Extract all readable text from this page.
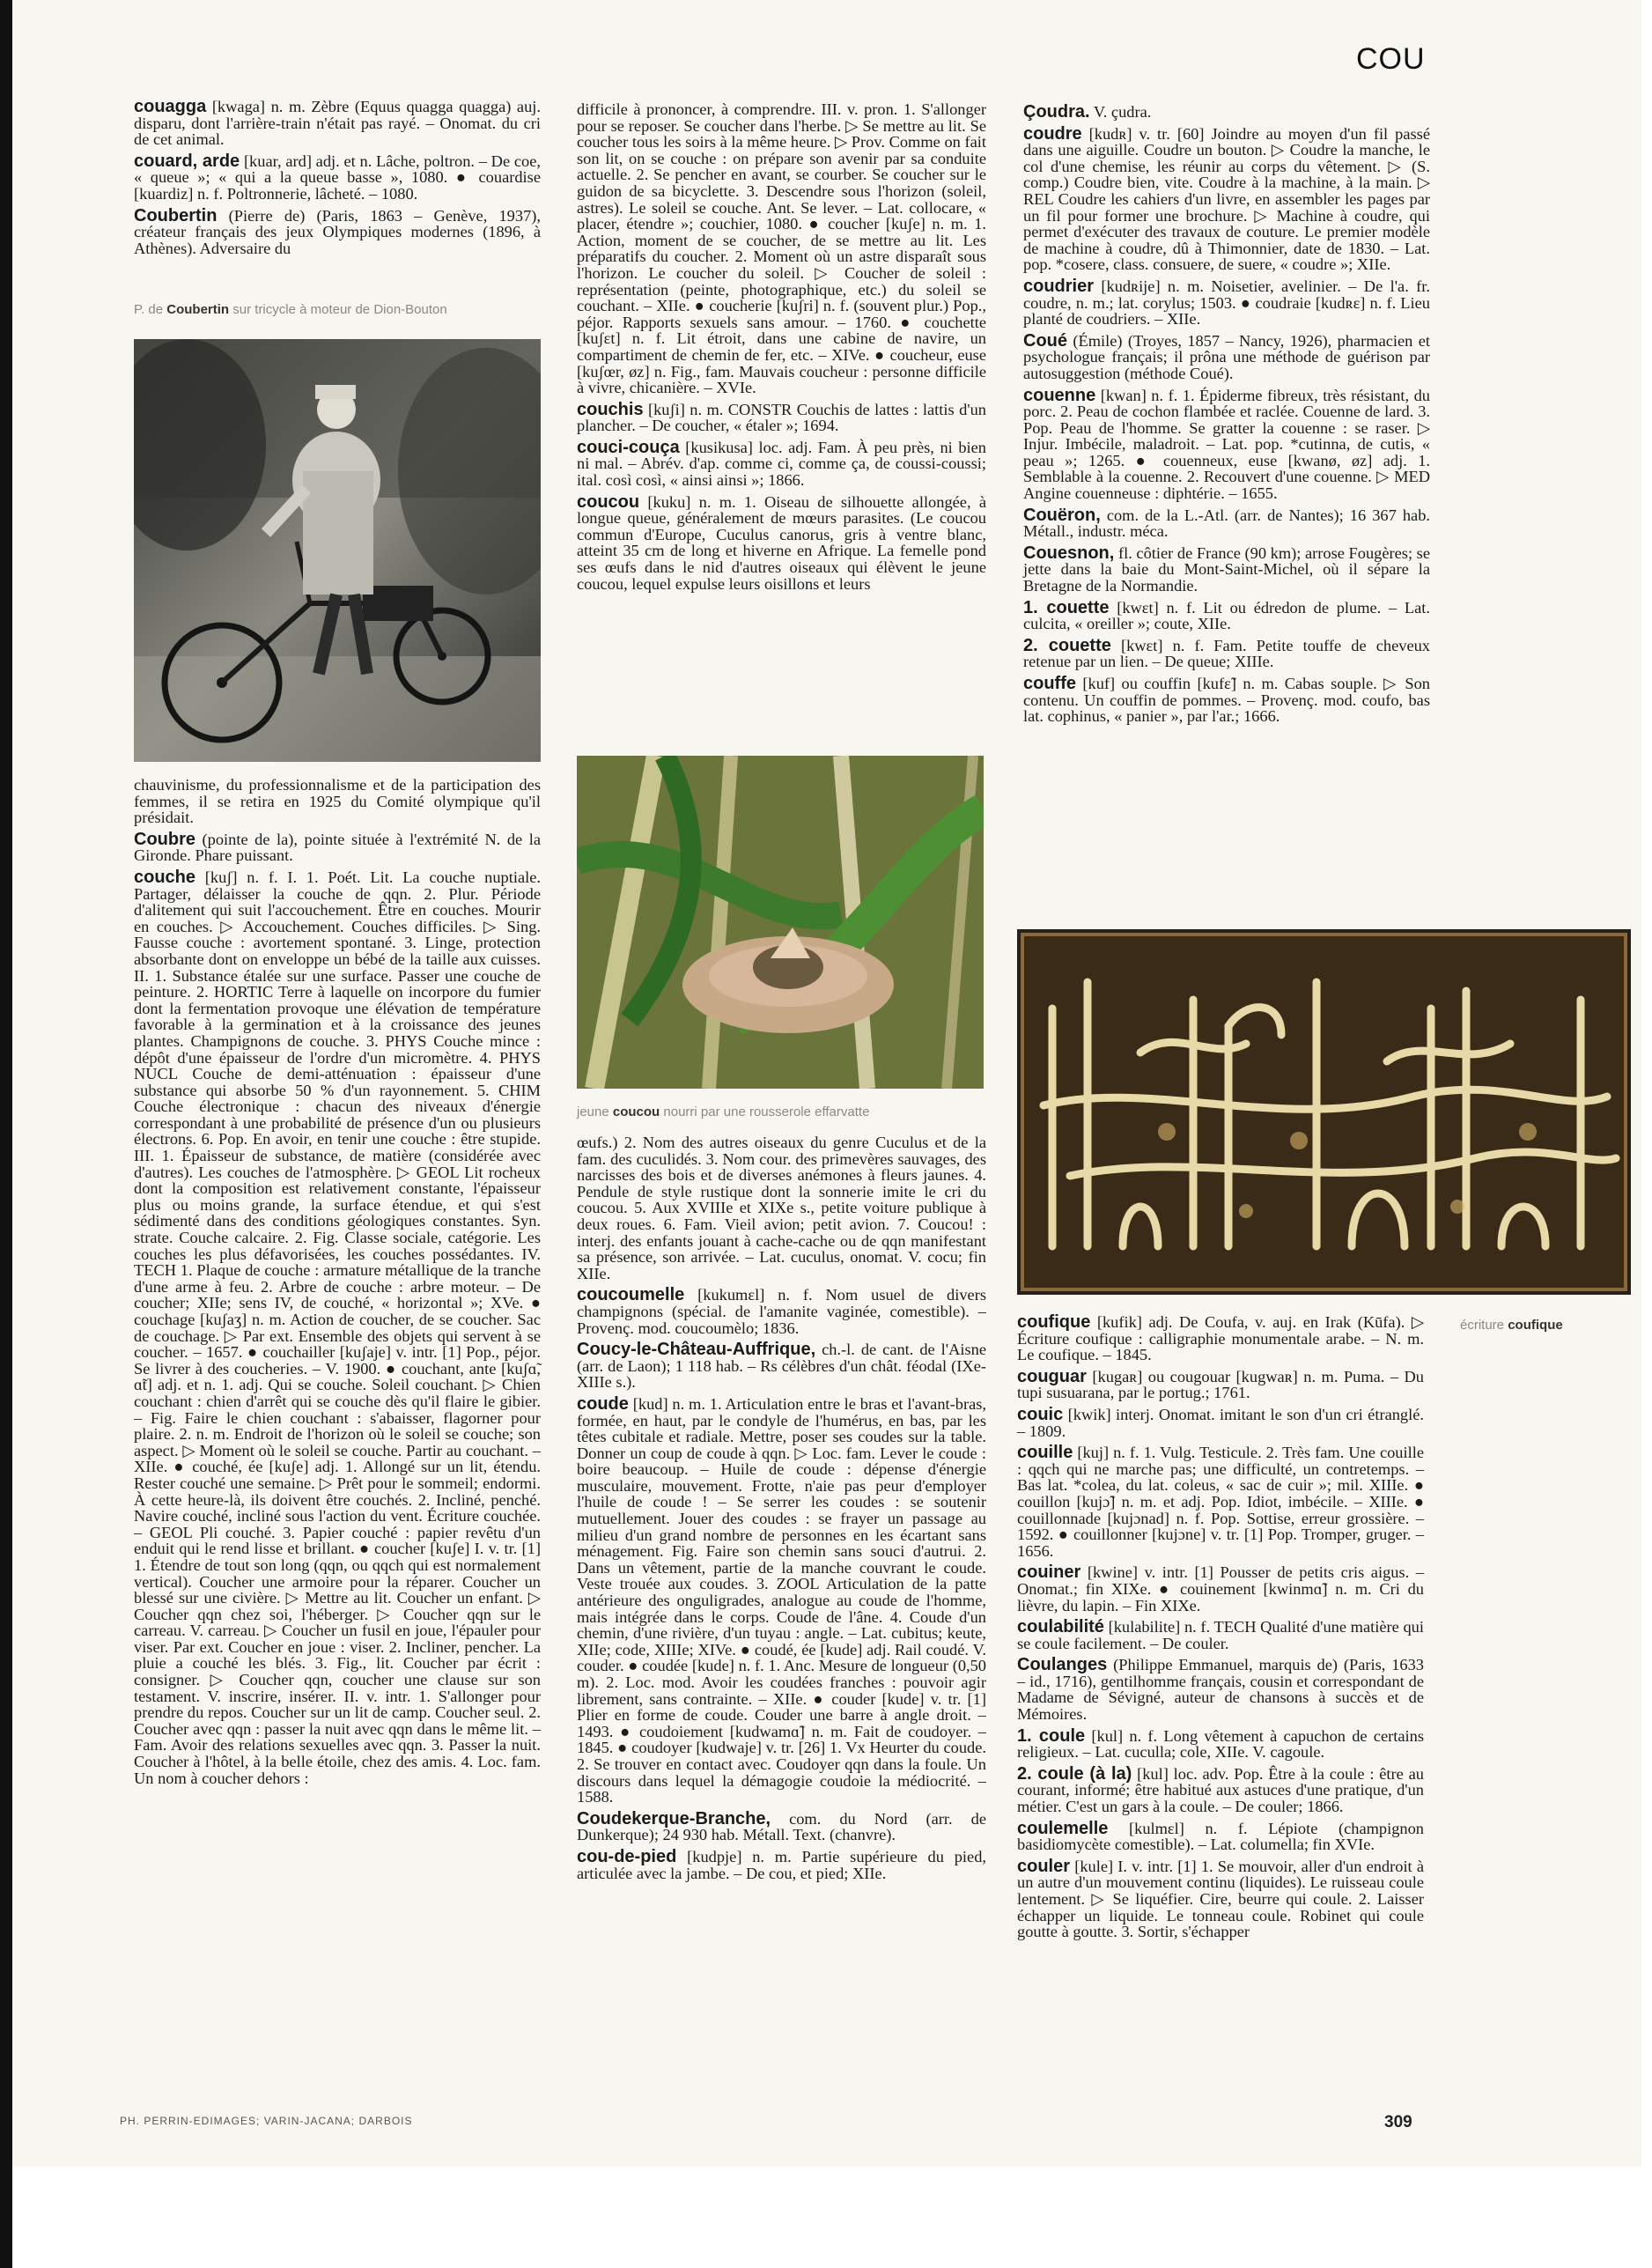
COU

couagga [kwaga] n. m. Zèbre (Equus quagga quagga) auj. disparu, dont l'arrière-train n'était pas rayé. – Onomat. du cri de cet animal.

couard, arde [kuar, ard] adj. et n. Lâche, poltron. – De coe, « queue »; « qui a la queue basse », 1080. ● couardise [kuardiz] n. f. Poltronnerie, lâcheté. – 1080.

Coubertin (Pierre de) (Paris, 1863 – Genève, 1937), créateur français des jeux Olympiques modernes (1896, à Athènes). Adversaire du

P. de Coubertin sur tricycle à moteur de Dion-Bouton

chauvinisme, du professionnalisme et de la participation des femmes, il se retira en 1925 du Comité olympique qu'il présidait.

Coubre (pointe de la), pointe située à l'extrémité N. de la Gironde. Phare puissant.

couche [kuʃ] n. f. I. 1. Poét. Lit. La couche nuptiale. Partager, délaisser la couche de qqn. 2. Plur. Période d'alitement qui suit l'accouchement. Être en couches. Mourir en couches. ▷ Accouchement. Couches difficiles. ▷ Sing. Fausse couche : avortement spontané. 3. Linge, protection absorbante dont on enveloppe un bébé de la taille aux cuisses. II. 1. Substance étalée sur une surface. Passer une couche de peinture. 2. HORTIC Terre à laquelle on incorpore du fumier dont la fermentation provoque une élévation de température favorable à la germination et à la croissance des jeunes plantes. Champignons de couche. 3. PHYS Couche mince : dépôt d'une épaisseur de l'ordre d'un micromètre. 4. PHYS NUCL Couche de demi-atténuation : épaisseur d'une substance qui absorbe 50 % d'un rayonnement. 5. CHIM Couche électronique : chacun des niveaux d'énergie correspondant à une probabilité de présence d'un ou plusieurs électrons. 6. Pop. En avoir, en tenir une couche : être stupide. III. 1. Épaisseur de substance, de matière (considérée avec d'autres). Les couches de l'atmosphère. ▷ GEOL Lit rocheux dont la composition est relativement constante, l'épaisseur plus ou moins grande, la surface étendue, et qui s'est sédimenté dans des conditions géologiques constantes. Syn. strate. Couche calcaire. 2. Fig. Classe sociale, catégorie. Les couches les plus défavorisées, les couches possédantes. IV. TECH 1. Plaque de couche : armature métallique de la tranche d'une arme à feu. 2. Arbre de couche : arbre moteur. – De coucher; XIIe; sens IV, de couché, « horizontal »; XVe. ● couchage [kuʃaʒ] n. m. Action de coucher, de se coucher. Sac de couchage. ▷ Par ext. Ensemble des objets qui servent à se coucher. – 1657. ● couchailler [kuʃaje] v. intr. [1] Pop., péjor. Se livrer à des coucheries. – V. 1900. ● couchant, ante [kuʃɑ̃, ɑ̃t] adj. et n. 1. adj. Qui se couche. Soleil couchant. ▷ Chien couchant : chien d'arrêt qui se couche dès qu'il flaire le gibier. – Fig. Faire le chien couchant : s'abaisser, flagorner pour plaire. 2. n. m. Endroit de l'horizon où le soleil se couche; son aspect. ▷ Moment où le soleil se couche. Partir au couchant. – XIIe. ● couché, ée [kuʃe] adj. 1. Allongé sur un lit, étendu. Rester couché une semaine. ▷ Prêt pour le sommeil; endormi. À cette heure-là, ils doivent être couchés. 2. Incliné, penché. Navire couché, incliné sous l'action du vent. Écriture couchée. – GEOL Pli couché. 3. Papier couché : papier revêtu d'un enduit qui le rend lisse et brillant. ● coucher [kuʃe] I. v. tr. [1] 1. Étendre de tout son long (qqn, ou qqch qui est normalement vertical). Coucher une armoire pour la réparer. Coucher un blessé sur une civière. ▷ Mettre au lit. Coucher un enfant. ▷ Coucher qqn chez soi, l'héberger. ▷ Coucher qqn sur le carreau. V. carreau. ▷ Coucher un fusil en joue, l'épauler pour viser. Par ext. Coucher en joue : viser. 2. Incliner, pencher. La pluie a couché les blés. 3. Fig., lit. Coucher par écrit : consigner. ▷ Coucher qqn, coucher une clause sur son testament. V. inscrire, insérer. II. v. intr. 1. S'allonger pour prendre du repos. Coucher sur un lit de camp. Coucher seul. 2. Coucher avec qqn : passer la nuit avec qqn dans le même lit. – Fam. Avoir des relations sexuelles avec qqn. 3. Passer la nuit. Coucher à l'hôtel, à la belle étoile, chez des amis. 4. Loc. fam. Un nom à coucher dehors :

difficile à prononcer, à comprendre. III. v. pron. 1. S'allonger pour se reposer. Se coucher dans l'herbe. ▷ Se mettre au lit. Se coucher tous les soirs à la même heure. ▷ Prov. Comme on fait son lit, on se couche : on prépare son avenir par sa conduite actuelle. 2. Se pencher en avant, se courber. Se coucher sur le guidon de sa bicyclette. 3. Descendre sous l'horizon (soleil, astres). Le soleil se couche. Ant. Se lever. – Lat. collocare, « placer, étendre »; couchier, 1080. ● coucher [kuʃe] n. m. 1. Action, moment de se coucher, de se mettre au lit. Les préparatifs du coucher. 2. Moment où un astre disparaît sous l'horizon. Le coucher du soleil. ▷ Coucher de soleil : représentation (peinte, photographique, etc.) du soleil se couchant. – XIIe. ● coucherie [kuʃri] n. f. (souvent plur.) Pop., péjor. Rapports sexuels sans amour. – 1760. ● couchette [kuʃɛt] n. f. Lit étroit, dans une cabine de navire, un compartiment de chemin de fer, etc. – XIVe. ● coucheur, euse [kuʃœr, øz] n. Fig., fam. Mauvais coucheur : personne difficile à vivre, chicanière. – XVIe.

couchis [kuʃi] n. m. CONSTR Couchis de lattes : lattis d'un plancher. – De coucher, « étaler »; 1694.

couci-couça [kusikusa] loc. adj. Fam. À peu près, ni bien ni mal. – Abrév. d'ap. comme ci, comme ça, de coussi-coussi; ital. così così, « ainsi ainsi »; 1866.

coucou [kuku] n. m. 1. Oiseau de silhouette allongée, à longue queue, généralement de mœurs parasites. (Le coucou commun d'Europe, Cuculus canorus, gris à ventre blanc, atteint 35 cm de long et hiverne en Afrique. La femelle pond ses œufs dans le nid d'autres oiseaux qui élèvent le jeune coucou, lequel expulse leurs oisillons et leurs

jeune coucou nourri par une rousserole effarvatte

œufs.) 2. Nom des autres oiseaux du genre Cuculus et de la fam. des cuculidés. 3. Nom cour. des primevères sauvages, des narcisses des bois et de diverses anémones à fleurs jaunes. 4. Pendule de style rustique dont la sonnerie imite le cri du coucou. 5. Aux XVIIIe et XIXe s., petite voiture publique à deux roues. 6. Fam. Vieil avion; petit avion. 7. Coucou! : interj. des enfants jouant à cache-cache ou de qqn manifestant sa présence, son arrivée. – Lat. cuculus, onomat. V. cocu; fin XIIe.

coucoumelle [kukumɛl] n. f. Nom usuel de divers champignons (spécial. de l'amanite vaginée, comestible). – Provenç. mod. coucoumèlo; 1836.

Coucy-le-Château-Auffrique, ch.-l. de cant. de l'Aisne (arr. de Laon); 1 118 hab. – Rs célèbres d'un chât. féodal (IXe-XIIIe s.).

coude [kud] n. m. 1. Articulation entre le bras et l'avant-bras, formée, en haut, par le condyle de l'humérus, en bas, par les têtes cubitale et radiale. Mettre, poser ses coudes sur la table. Donner un coup de coude à qqn. ▷ Loc. fam. Lever le coude : boire beaucoup. – Huile de coude : dépense d'énergie musculaire, mouvement. Frotte, n'aie pas peur d'employer l'huile de coude ! – Se serrer les coudes : se soutenir mutuellement. Jouer des coudes : se frayer un passage au milieu d'un grand nombre de personnes en les écartant sans ménagement. Fig. Faire son chemin sans souci d'autrui. 2. Dans un vêtement, partie de la manche couvrant le coude. Veste trouée aux coudes. 3. ZOOL Articulation de la patte antérieure des onguligrades, analogue au coude de l'homme, mais intégrée dans le corps. Coude de l'âne. 4. Coude d'un chemin, d'une rivière, d'un tuyau : angle. – Lat. cubitus; keute, XIIe; code, XIIIe; XIVe. ● coudé, ée [kude] adj. Rail coudé. V. couder. ● coudée [kude] n. f. 1. Anc. Mesure de longueur (0,50 m). 2. Loc. mod. Avoir les coudées franches : pouvoir agir librement, sans contrainte. – XIIe. ● couder [kude] v. tr. [1] Plier en forme de coude. Couder une barre à angle droit. – 1493. ● coudoiement [kudwamɑ̃] n. m. Fait de coudoyer. – 1845. ● coudoyer [kudwaje] v. tr. [26] 1. Vx Heurter du coude. 2. Se trouver en contact avec. Coudoyer qqn dans la foule. Un discours dans lequel la démagogie coudoie la médiocrité. – 1588.

Coudekerque-Branche, com. du Nord (arr. de Dunkerque); 24 930 hab. Métall. Text. (chanvre).

cou-de-pied [kudpje] n. m. Partie supérieure du pied, articulée avec la jambe. – De cou, et pied; XIIe.

Çoudra. V. çudra.

coudre [kudʀ] v. tr. [60] Joindre au moyen d'un fil passé dans une aiguille. Coudre un bouton. ▷ Coudre la manche, le col d'une chemise, les réunir au corps du vêtement. ▷ (S. comp.) Coudre bien, vite. Coudre à la machine, à la main. ▷ REL Coudre les cahiers d'un livre, en assembler les pages par un fil pour former une brochure. ▷ Machine à coudre, qui permet d'exécuter des travaux de couture. Le premier modèle de machine à coudre, dû à Thimonnier, date de 1830. – Lat. pop. *cosere, class. consuere, de suere, « coudre »; XIIe.

coudrier [kudʀije] n. m. Noisetier, avelinier. – De l'a. fr. coudre, n. m.; lat. corylus; 1503. ● coudraie [kudʀɛ] n. f. Lieu planté de coudriers. – XIIe.

Coué (Émile) (Troyes, 1857 – Nancy, 1926), pharmacien et psychologue français; il prôna une méthode de guérison par autosuggestion (méthode Coué).

couenne [kwan] n. f. 1. Épiderme fibreux, très résistant, du porc. 2. Peau de cochon flambée et raclée. Couenne de lard. 3. Pop. Peau de l'homme. Se gratter la couenne : se raser. ▷ Injur. Imbécile, maladroit. – Lat. pop. *cutinna, de cutis, « peau »; 1265. ● couenneux, euse [kwanø, øz] adj. 1. Semblable à la couenne. 2. Recouvert d'une couenne. ▷ MED Angine couenneuse : diphtérie. – 1655.

Couëron, com. de la L.-Atl. (arr. de Nantes); 16 367 hab. Métall., industr. méca.

Couesnon, fl. côtier de France (90 km); arrose Fougères; se jette dans la baie du Mont-Saint-Michel, où il sépare la Bretagne de la Normandie.

1. couette [kwɛt] n. f. Lit ou édredon de plume. – Lat. culcita, « oreiller »; coute, XIIe.

2. couette [kwɛt] n. f. Fam. Petite touffe de cheveux retenue par un lien. – De queue; XIIIe.

couffe [kuf] ou couffin [kufɛ̃] n. m. Cabas souple. ▷ Son contenu. Un couffin de pommes. – Provenç. mod. coufo, bas lat. cophinus, « panier », par l'ar.; 1666.

écriture coufique

coufique [kufik] adj. De Coufa, v. auj. en Irak (Kūfa). ▷ Écriture coufique : calligraphie monumentale arabe. – N. m. Le coufique. – 1845.

couguar [kugaʀ] ou cougouar [kugwaʀ] n. m. Puma. – Du tupi susuarana, par le portug.; 1761.

couic [kwik] interj. Onomat. imitant le son d'un cri étranglé. – 1809.

couille [kuj] n. f. 1. Vulg. Testicule. 2. Très fam. Une couille : qqch qui ne marche pas; une difficulté, un contretemps. – Bas lat. *colea, du lat. coleus, « sac de cuir »; mil. XIIIe. ● couillon [kujɔ̃] n. m. et adj. Pop. Idiot, imbécile. – XIIIe. ● couillonnade [kujɔnad] n. f. Pop. Sottise, erreur grossière. – 1592. ● couillonner [kujɔne] v. tr. [1] Pop. Tromper, gruger. – 1656.

couiner [kwine] v. intr. [1] Pousser de petits cris aigus. – Onomat.; fin XIXe. ● couinement [kwinmɑ̃] n. m. Cri du lièvre, du lapin. – Fin XIXe.

coulabilité [kulabilite] n. f. TECH Qualité d'une matière qui se coule facilement. – De couler.

Coulanges (Philippe Emmanuel, marquis de) (Paris, 1633 – id., 1716), gentilhomme français, cousin et correspondant de Madame de Sévigné, auteur de chansons à succès et de Mémoires.

1. coule [kul] n. f. Long vêtement à capuchon de certains religieux. – Lat. cuculla; cole, XIIe. V. cagoule.

2. coule (à la) [kul] loc. adv. Pop. Être à la coule : être au courant, informé; être habitué aux astuces d'une pratique, d'un métier. C'est un gars à la coule. – De couler; 1866.

coulemelle [kulmɛl] n. f. Lépiote (champignon basidiomycète comestible). – Lat. columella; fin XVIe.

couler [kule] I. v. intr. [1] 1. Se mouvoir, aller d'un endroit à un autre d'un mouvement continu (liquides). Le ruisseau coule lentement. ▷ Se liquéfier. Cire, beurre qui coule. 2. Laisser échapper un liquide. Le tonneau coule. Robinet qui coule goutte à goutte. 3. Sortir, s'échapper

PH. PERRIN-EDIMAGES; VARIN-JACANA; DARBOIS	309
